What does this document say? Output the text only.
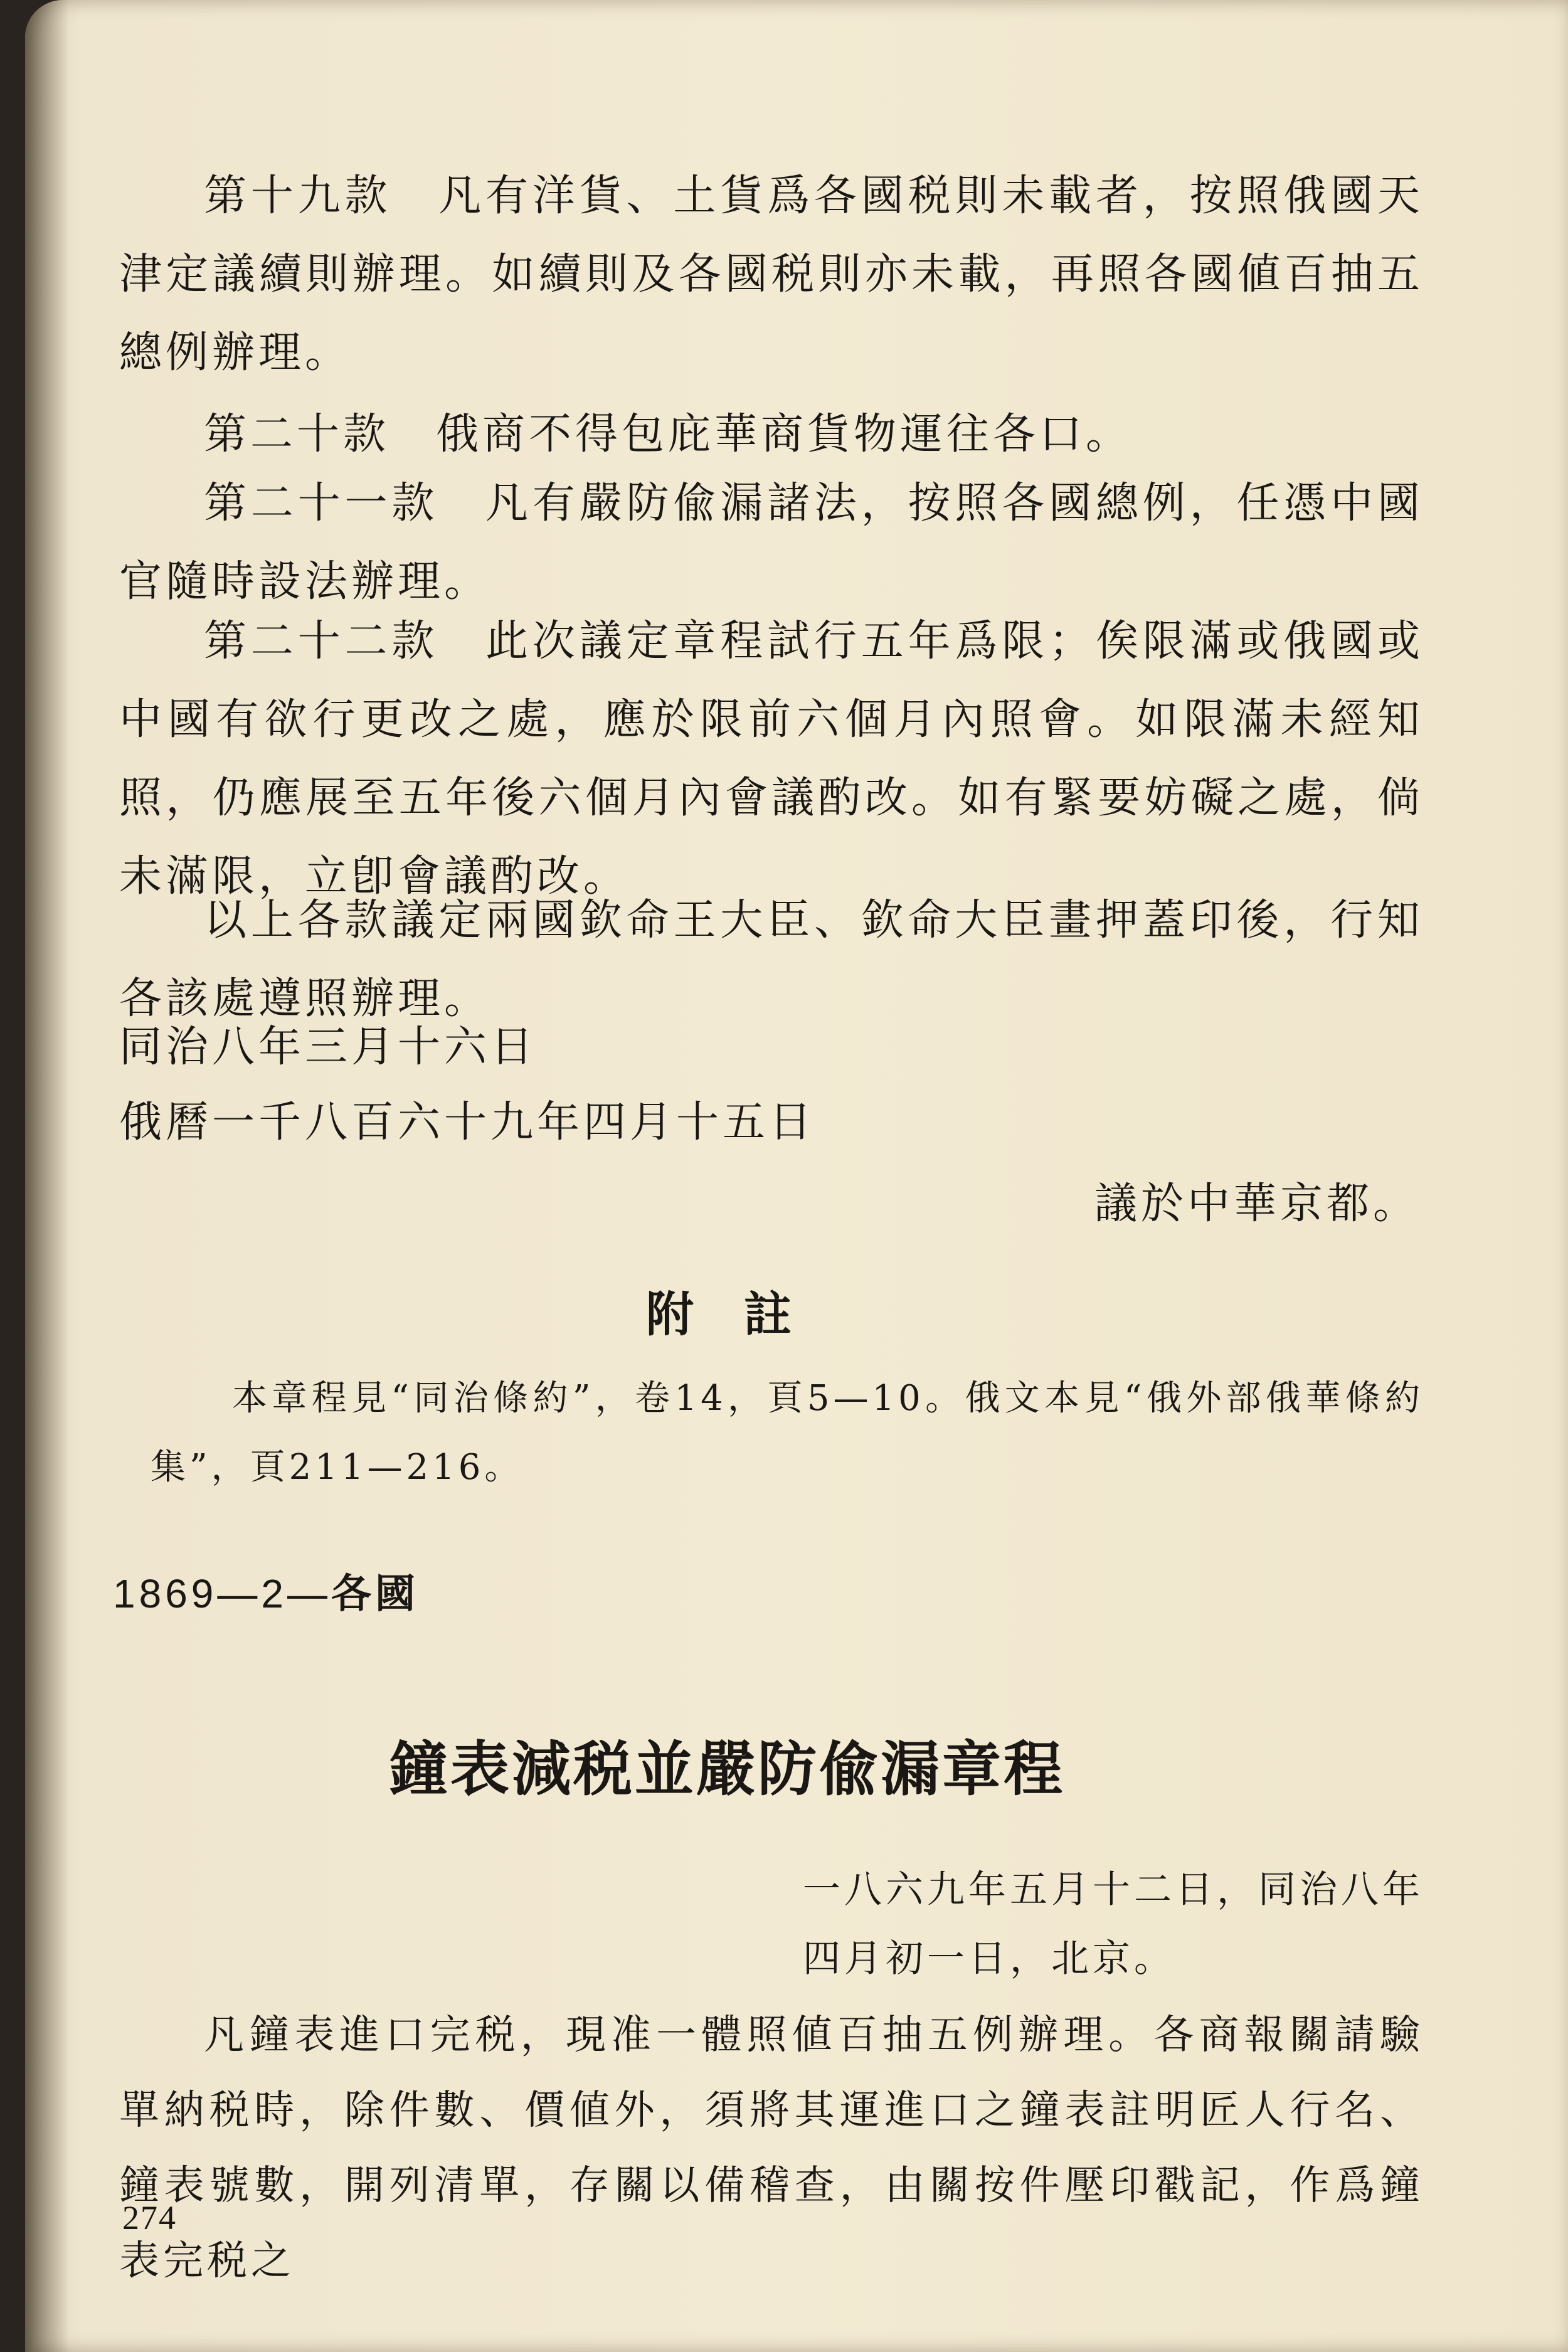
第十九款　凡有洋貨、土貨爲各國税則未載者，按照俄國天津定議續則辦理。如續則及各國税則亦未載，再照各國値百抽五總例辦理。

第二十款　俄商不得包庇華商貨物運往各口。

第二十一款　凡有嚴防偸漏諸法，按照各國總例，任憑中國官隨時設法辦理。

第二十二款　此次議定章程試行五年爲限；俟限滿或俄國或中國有欲行更改之處，應於限前六個月內照會。如限滿未經知照，仍應展至五年後六個月內會議酌改。如有緊要妨礙之處，倘未滿限，立卽會議酌改。

以上各款議定兩國欽命王大臣、欽命大臣畫押蓋印後，行知各該處遵照辦理。

同治八年三月十六日
俄曆一千八百六十九年四月十五日
議於中華京都。
附註

本章程見“同治條約”，卷14，頁5—10。俄文本見“俄外部俄華條約集”，頁211—216。

1869—2—各國
鐘表減税並嚴防偸漏章程
一八六九年五月十二日，同治八年
四月初一日，北京。

凡鐘表進口完税，現准一體照値百抽五例辦理。各商報關請驗單納税時，除件數、價値外，須將其運進口之鐘表註明匠人行名、鐘表號數，開列清單，存關以備稽查，由關按件壓印戳記，作爲鐘表完税之

274
